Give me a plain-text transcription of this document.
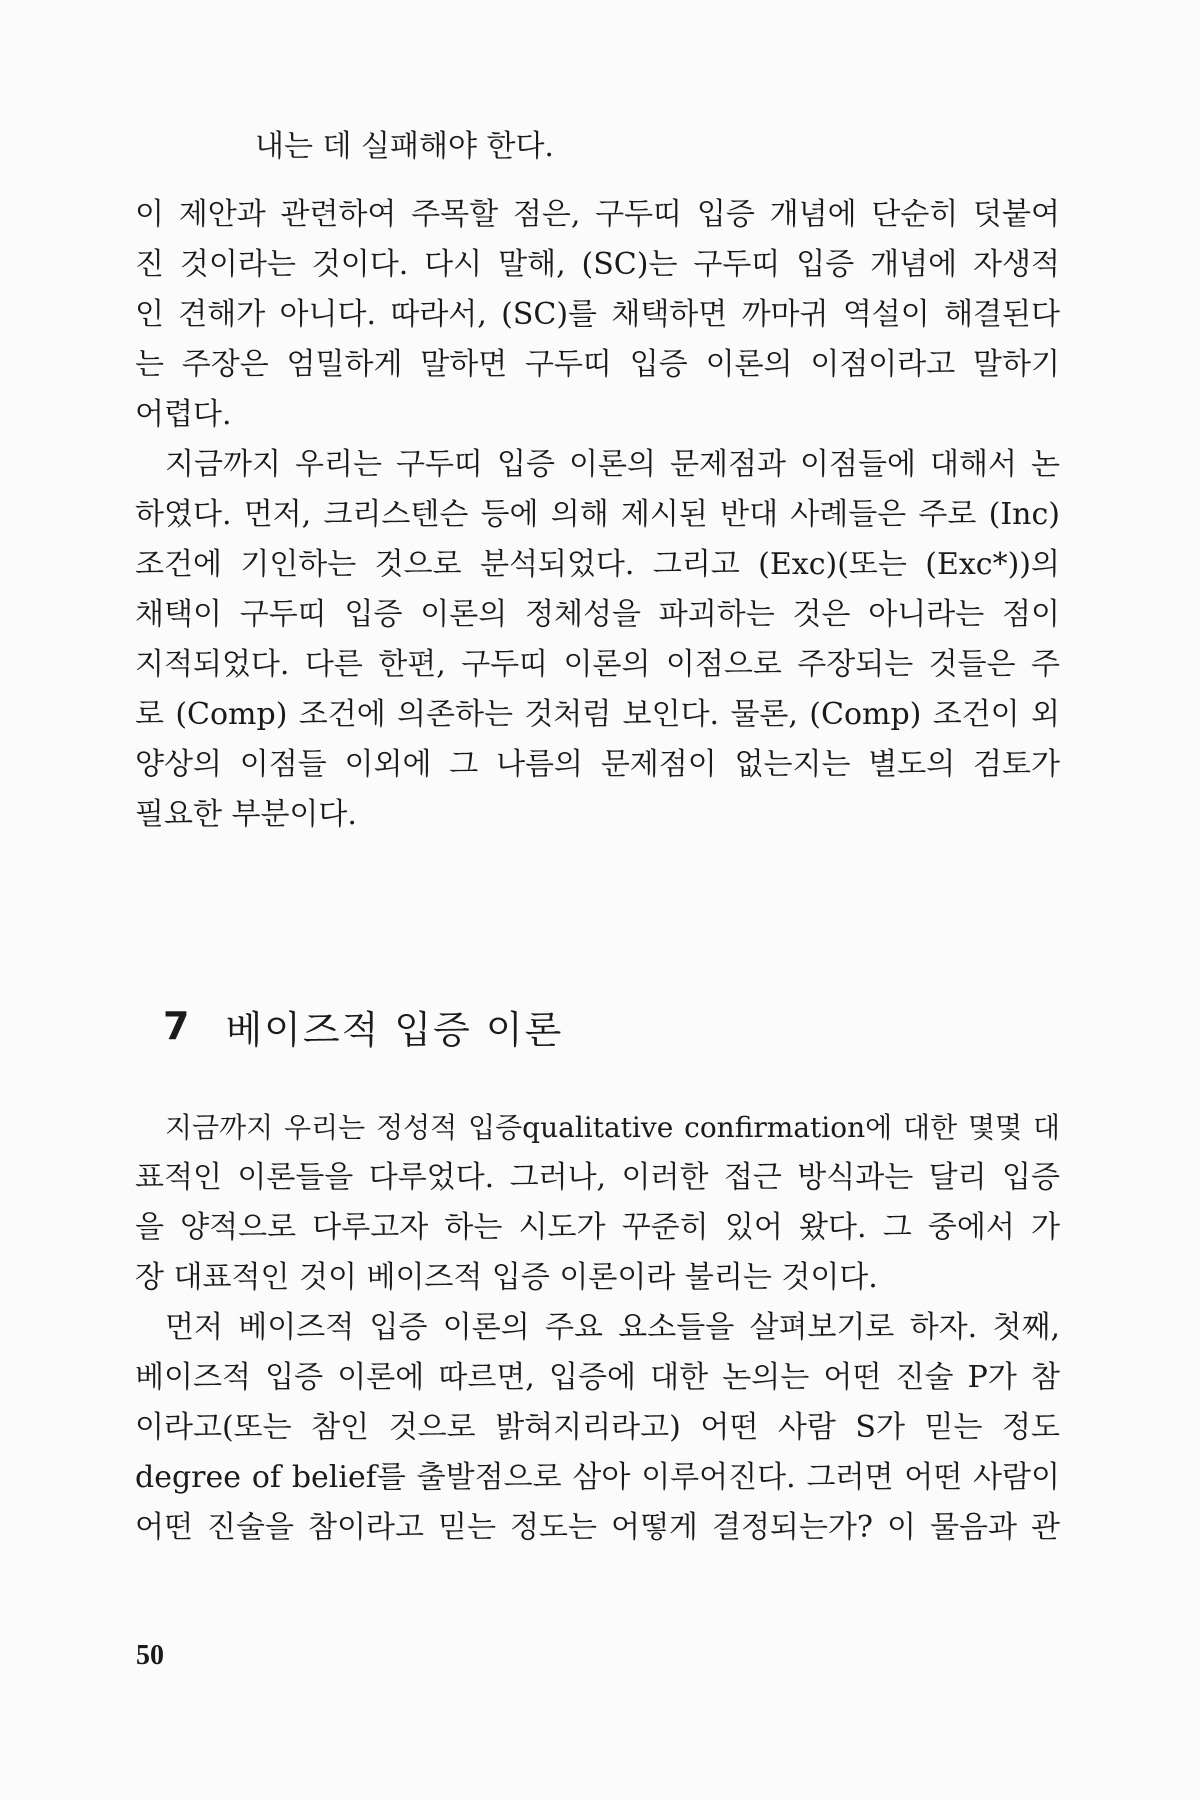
내는 데 실패해야 한다.
이 제안과 관련하여 주목할 점은, 구두띠 입증 개념에 단순히 덧붙여
진 것이라는 것이다. 다시 말해, (SC)는 구두띠 입증 개념에 자생적
인 견해가 아니다. 따라서, (SC)를 채택하면 까마귀 역설이 해결된다
는 주장은 엄밀하게 말하면 구두띠 입증 이론의 이점이라고 말하기
어렵다.
지금까지 우리는 구두띠 입증 이론의 문제점과 이점들에 대해서 논
하였다. 먼저, 크리스텐슨 등에 의해 제시된 반대 사례들은 주로 (Inc)
조건에 기인하는 것으로 분석되었다. 그리고 (Exc)(또는 (Exc*))의
채택이 구두띠 입증 이론의 정체성을 파괴하는 것은 아니라는 점이
지적되었다. 다른 한편, 구두띠 이론의 이점으로 주장되는 것들은 주
로 (Comp) 조건에 의존하는 것처럼 보인다. 물론, (Comp) 조건이 외
양상의 이점들 이외에 그 나름의 문제점이 없는지는 별도의 검토가
필요한 부분이다.
7 베이즈적 입증 이론
지금까지 우리는 정성적 입증qualitative confirmation에 대한 몇몇 대
표적인 이론들을 다루었다. 그러나, 이러한 접근 방식과는 달리 입증
을 양적으로 다루고자 하는 시도가 꾸준히 있어 왔다. 그 중에서 가
장 대표적인 것이 베이즈적 입증 이론이라 불리는 것이다.
먼저 베이즈적 입증 이론의 주요 요소들을 살펴보기로 하자. 첫째,
베이즈적 입증 이론에 따르면, 입증에 대한 논의는 어떤 진술 P가 참
이라고(또는 참인 것으로 밝혀지리라고) 어떤 사람 S가 믿는 정도
degree of belief를 출발점으로 삼아 이루어진다. 그러면 어떤 사람이
어떤 진술을 참이라고 믿는 정도는 어떻게 결정되는가? 이 물음과 관
50
